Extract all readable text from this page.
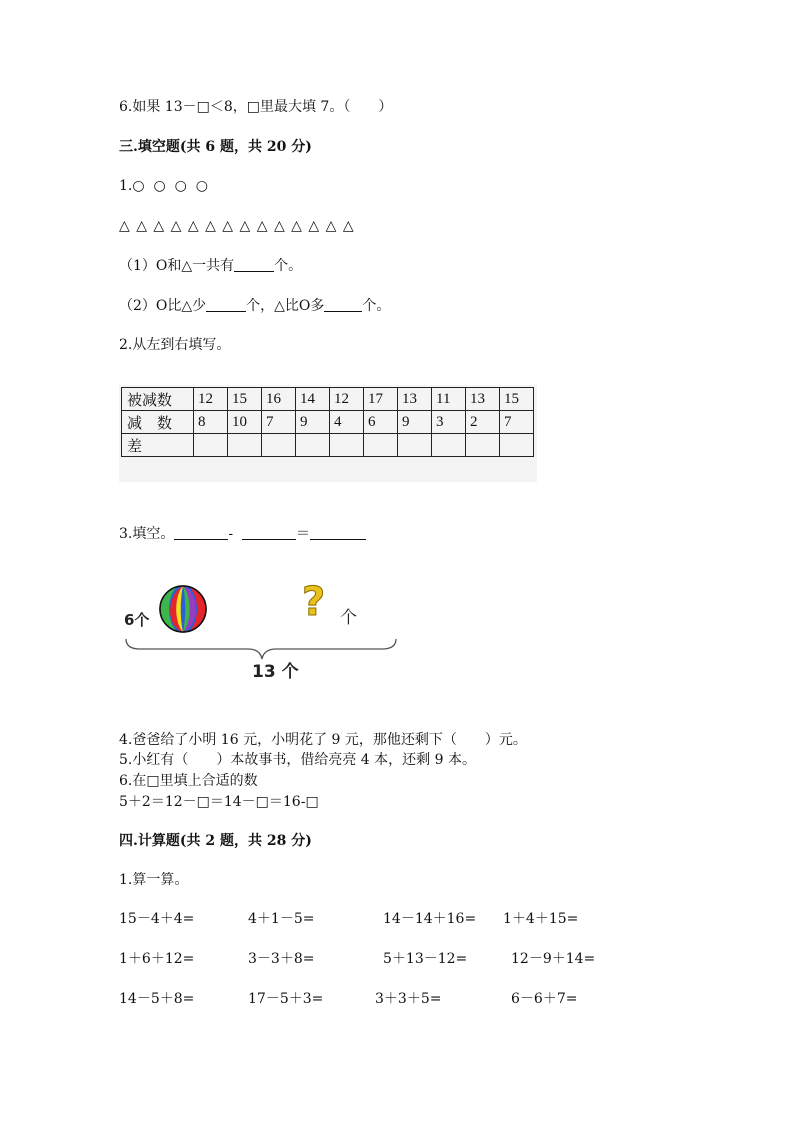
6.如果 13－□＜8，□里最大填 7。（　　）
三.填空题(共 6 题，共 20 分)
1.○  ○  ○  ○
△ △ △ △ △ △ △ △ △ △ △ △ △ △
（1）O和△一共有	个。
（2）O比△少	个，△比O多	个。
2.从左到右填写。
被减数	12	15	16	14	12	17	13	11	13	15
减　数	8	10	7	9	4	6	9	3	2	7
差										
3.填空。	-	＝
6个	? 个
13 个
4.爸爸给了小明 16 元，小明花了 9 元，那他还剩下（　　）元。
5.小红有（　　）本故事书，借给亮亮 4 本，还剩 9 本。
6.在□里填上合适的数
5＋2＝12－□＝14－□＝16-□
四.计算题(共 2 题，共 28 分)
1.算一算。
15－4＋4=	4＋1－5=	14－14＋16= 1＋4＋15=
1＋6＋12=	3－3＋8=	5＋13－12=	12－9＋14=
14－5＋8=	17－5＋3=	3＋3＋5=	6－6＋7=
